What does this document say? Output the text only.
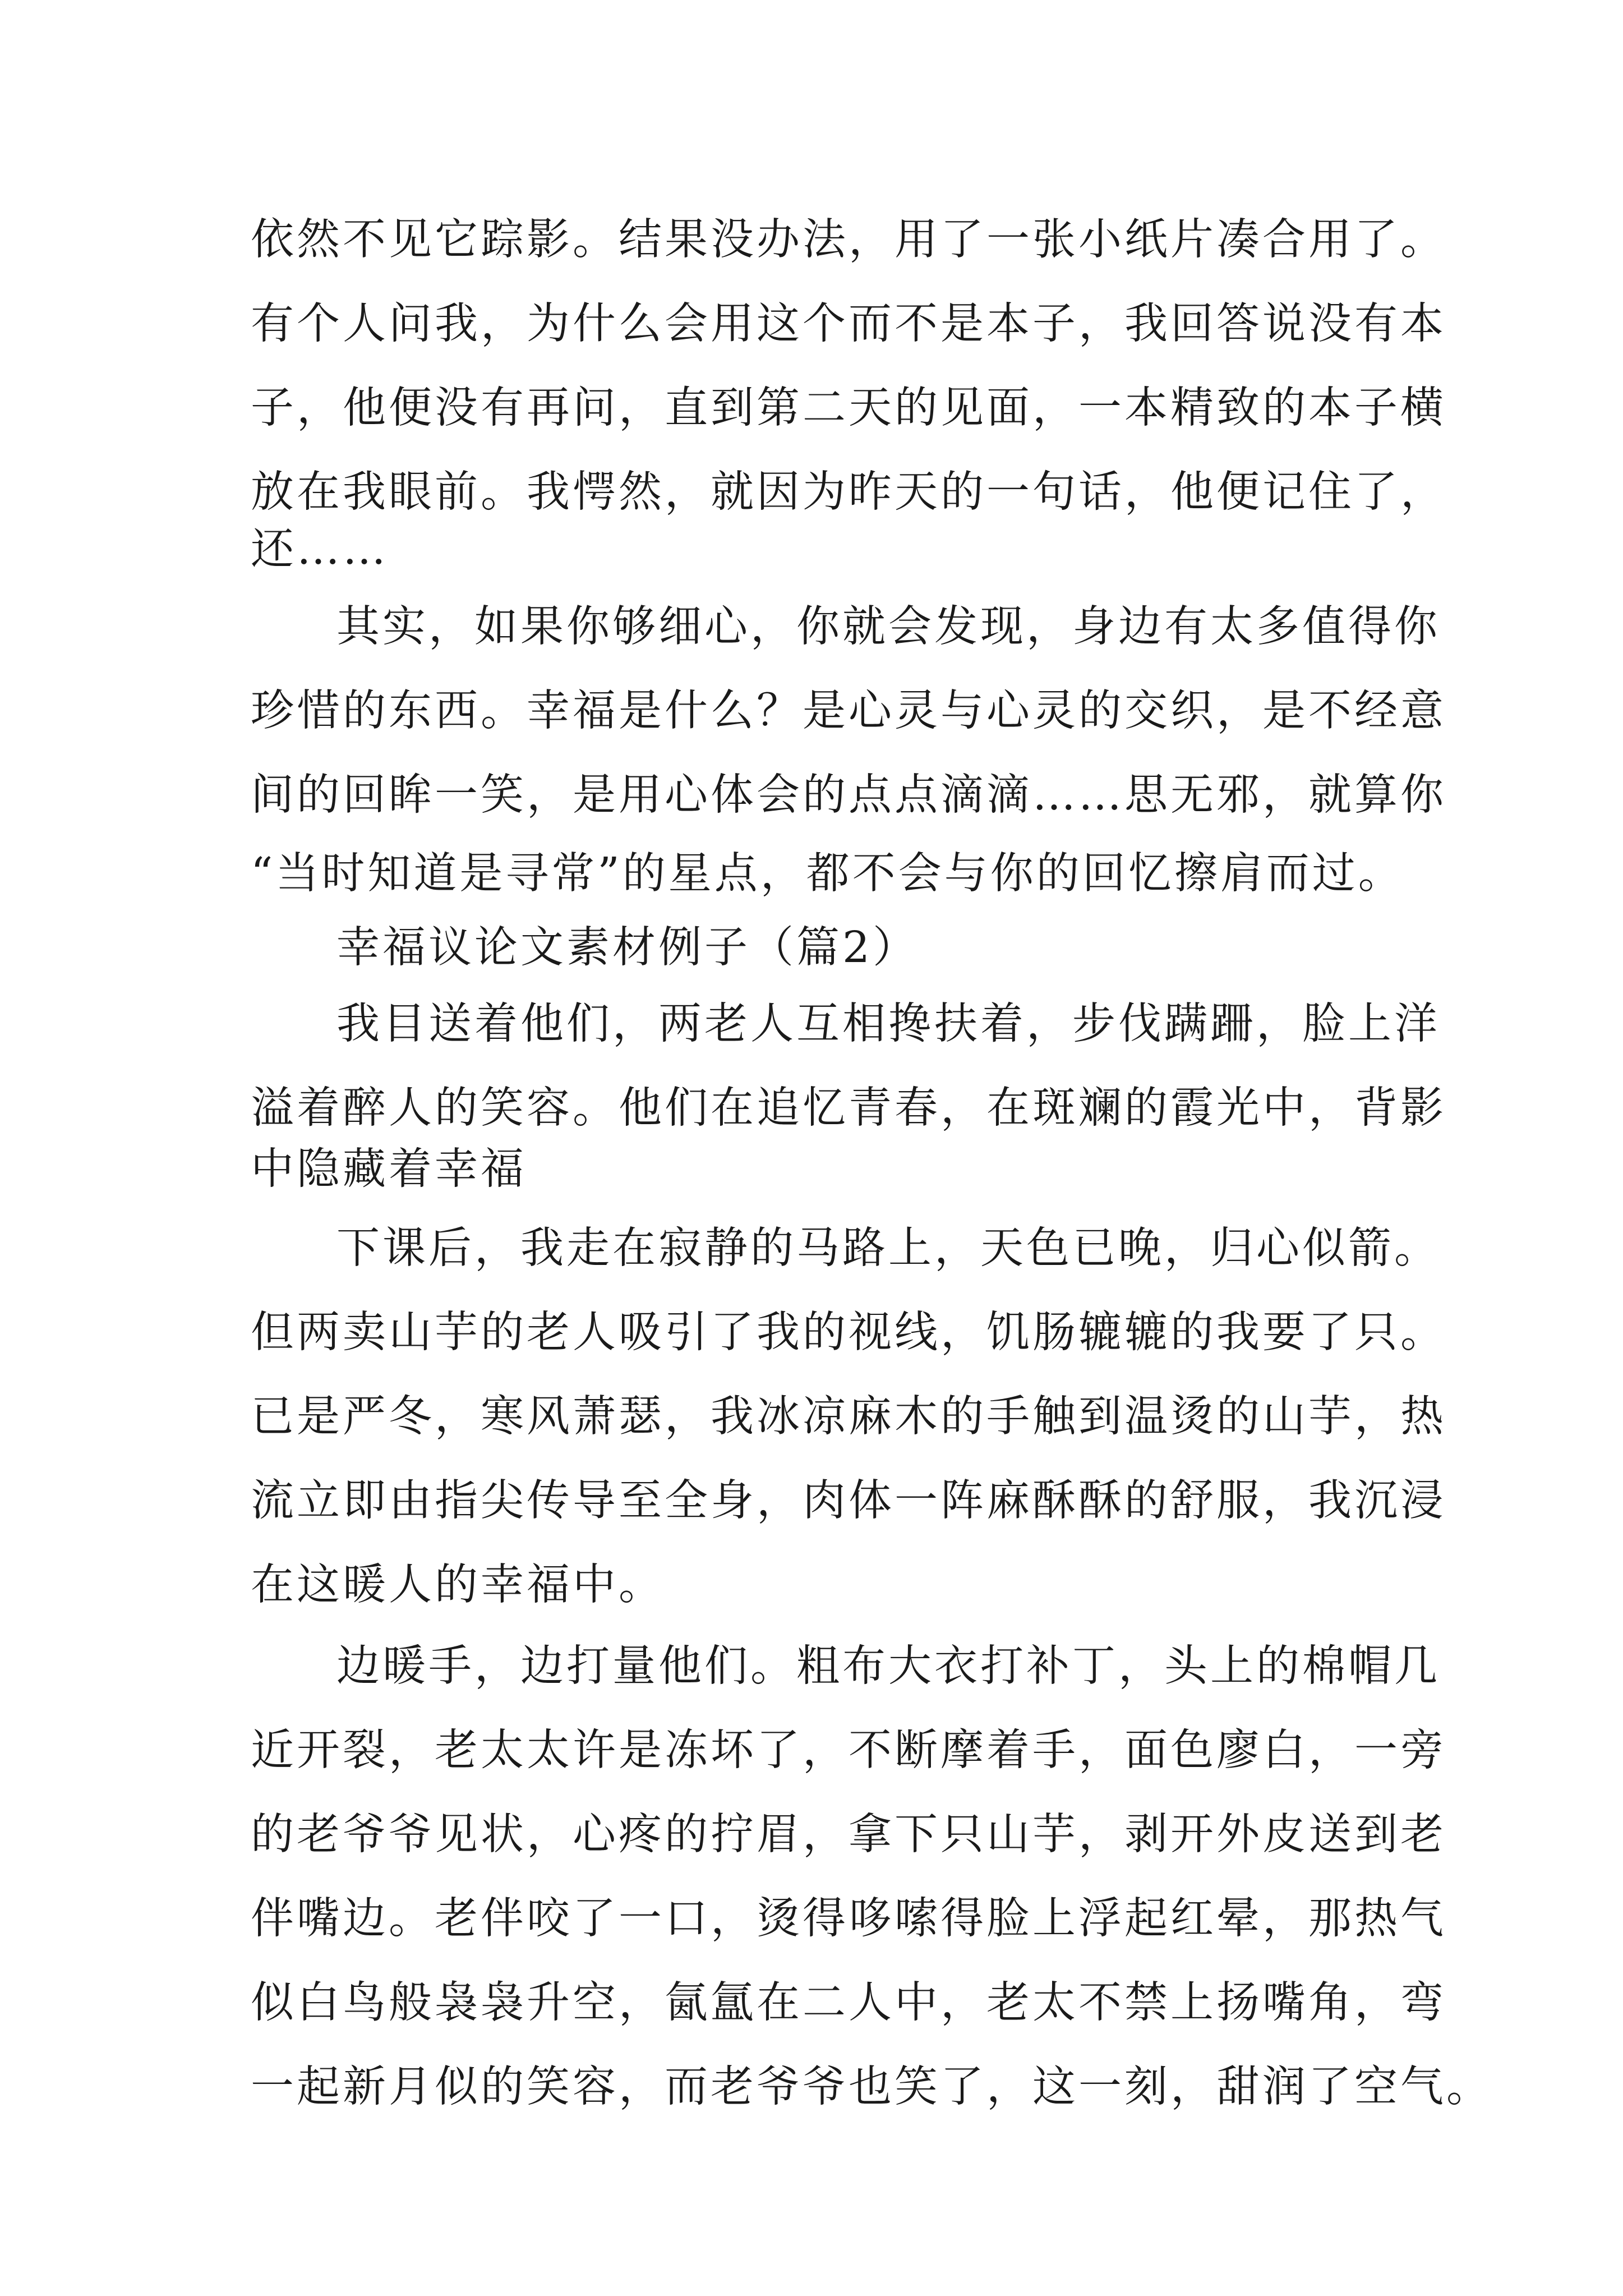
依然不见它踪影。结果没办法，用了一张小纸片凑合用了。
有个人问我，为什么会用这个而不是本子，我回答说没有本
子，他便没有再问，直到第二天的见面，一本精致的本子横
放在我眼前。我愕然，就因为昨天的一句话，他便记住了，
还……
其实，如果你够细心，你就会发现，身边有太多值得你
珍惜的东西。幸福是什么？是心灵与心灵的交织，是不经意
间的回眸一笑，是用心体会的点点滴滴……思无邪，就算你
“当时知道是寻常”的星点，都不会与你的回忆擦肩而过。
幸福议论文素材例子（篇2）
我目送着他们，两老人互相搀扶着，步伐蹒跚，脸上洋
溢着醉人的笑容。他们在追忆青春，在斑斓的霞光中，背影
中隐藏着幸福
下课后，我走在寂静的马路上，天色已晚，归心似箭。
但两卖山芋的老人吸引了我的视线，饥肠辘辘的我要了只。
已是严冬，寒风萧瑟，我冰凉麻木的手触到温烫的山芋，热
流立即由指尖传导至全身，肉体一阵麻酥酥的舒服，我沉浸
在这暖人的幸福中。
边暖手，边打量他们。粗布大衣打补丁，头上的棉帽几
近开裂，老太太许是冻坏了，不断摩着手，面色廖白，一旁
的老爷爷见状，心疼的拧眉，拿下只山芋，剥开外皮送到老
伴嘴边。老伴咬了一口，烫得哆嗦得脸上浮起红晕，那热气
似白鸟般袅袅升空，氤氲在二人中，老太不禁上扬嘴角，弯
一起新月似的笑容，而老爷爷也笑了，这一刻，甜润了空气。
